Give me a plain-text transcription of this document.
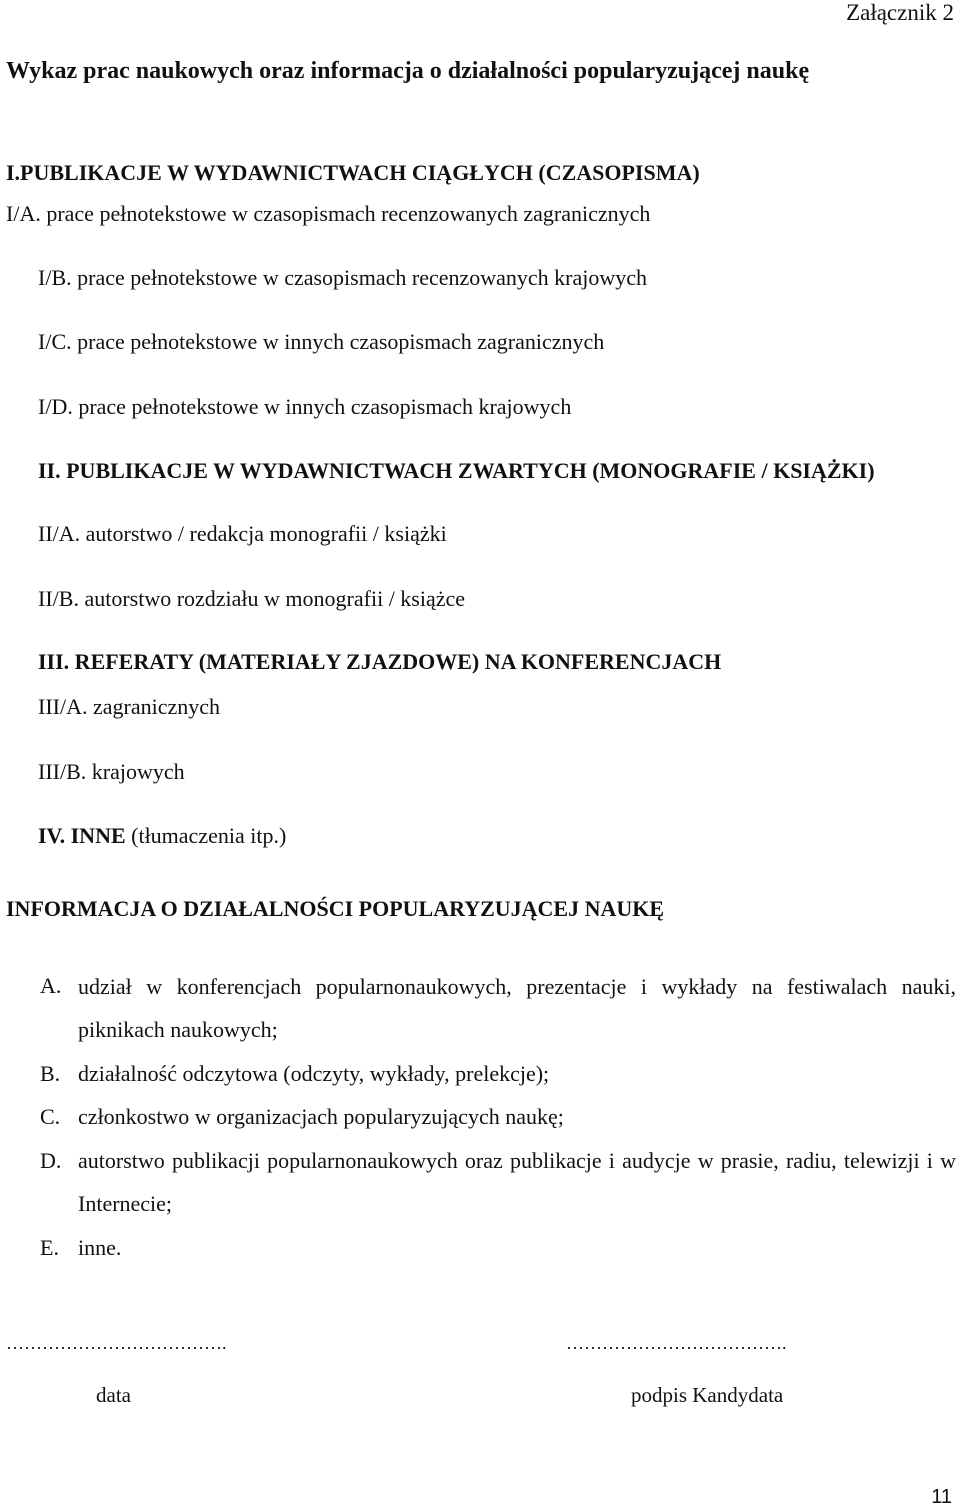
Załącznik 2
Wykaz prac naukowych oraz informacja o działalności popularyzującej naukę
I.PUBLIKACJE W WYDAWNICTWACH CIĄGŁYCH (CZASOPISMA)
I/A. prace pełnotekstowe w czasopismach recenzowanych zagranicznych
I/B. prace pełnotekstowe w czasopismach recenzowanych krajowych
I/C. prace pełnotekstowe w innych czasopismach zagranicznych
I/D. prace pełnotekstowe w innych czasopismach krajowych
II. PUBLIKACJE W WYDAWNICTWACH ZWARTYCH (MONOGRAFIE / KSIĄŻKI)
II/A. autorstwo / redakcja monografii / książki
II/B. autorstwo rozdziału w monografii / książce
III. REFERATY (MATERIAŁY ZJAZDOWE) NA KONFERENCJACH
III/A. zagranicznych
III/B. krajowych
IV. INNE (tłumaczenia itp.)
INFORMACJA O DZIAŁALNOŚCI POPULARYZUJĄCEJ NAUKĘ
A. udział w konferencjach popularnonaukowych, prezentacje i wykłady na festiwalach nauki, piknikach naukowych;
B. działalność odczytowa (odczyty, wykłady, prelekcje);
C. członkostwo w organizacjach popularyzujących naukę;
D. autorstwo publikacji popularnonaukowych oraz publikacje i audycje w prasie, radiu, telewizji i w Internecie;
E. inne.
……………………………….	……………………………….
data	podpis Kandydata
11
